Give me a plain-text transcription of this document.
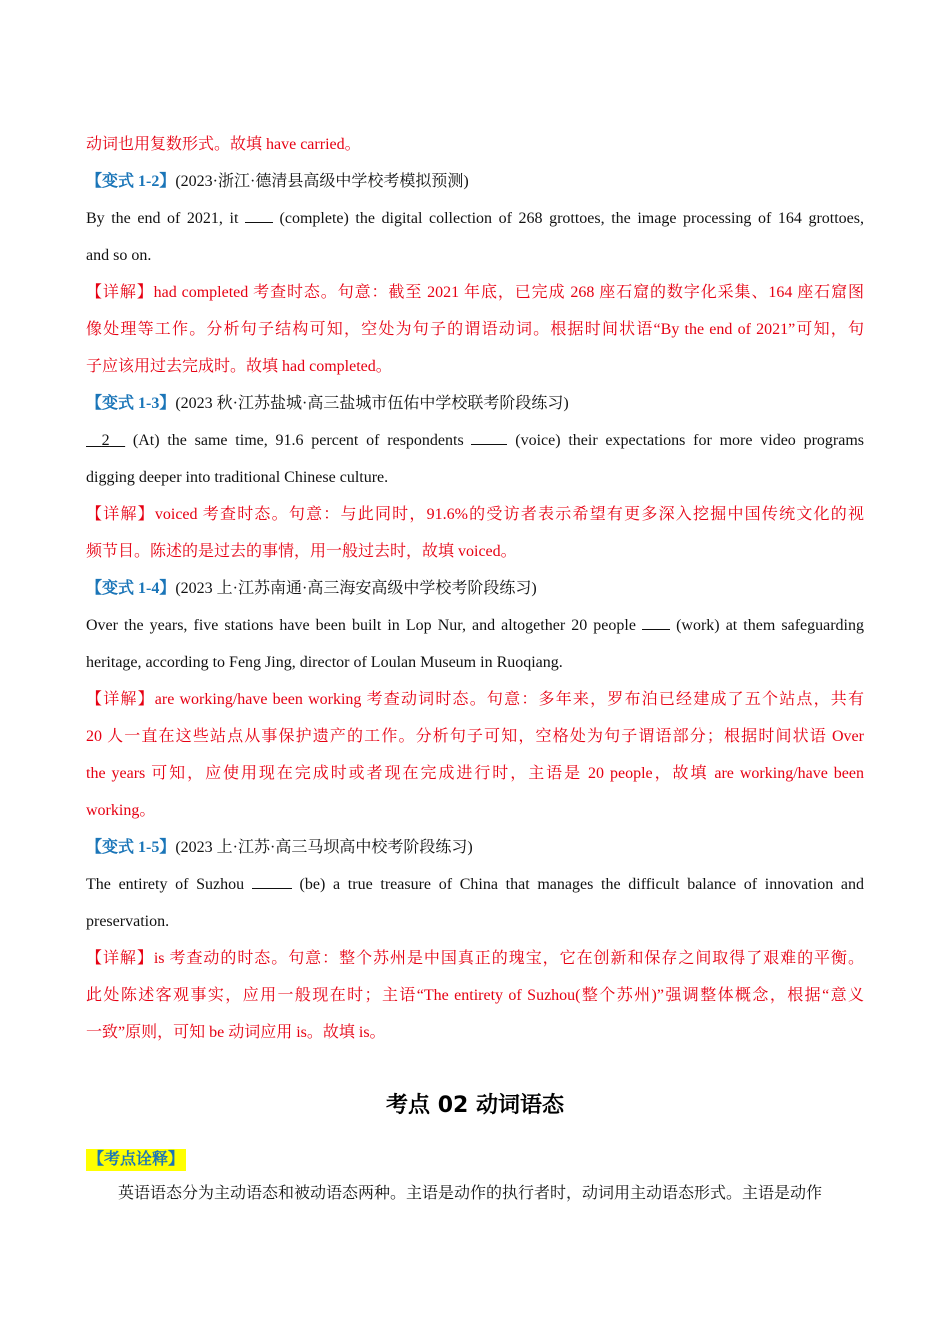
动词也用复数形式。故填 have carried。
【变式 1-2】(2023·浙江·德清县高级中学校考模拟预测)
By the end of 2021, it  (complete) the digital collection of 268 grottoes, the image processing of 164 grottoes,
and so on.
【详解】had completed 考查时态。句意：截至 2021 年底，已完成 268 座石窟的数字化采集、164 座石窟图
像处理等工作。分析句子结构可知，空处为句子的谓语动词。根据时间状语“By the end of 2021”可知，句
子应该用过去完成时。故填 had completed。
【变式 1-3】(2023 秋·江苏盐城·高三盐城市伍佑中学校联考阶段练习)
2   (At) the same time, 91.6 percent of respondents  (voice) their expectations for more video programs
digging deeper into traditional Chinese culture.
【详解】voiced 考查时态。句意：与此同时，91.6%的受访者表示希望有更多深入挖掘中国传统文化的视
频节目。陈述的是过去的事情，用一般过去时，故填 voiced。
【变式 1-4】(2023 上·江苏南通·高三海安高级中学校考阶段练习)
Over the years, five stations have been built in Lop Nur, and altogether 20 people  (work) at them safeguarding
heritage, according to Feng Jing, director of Loulan Museum in Ruoqiang.
【详解】are working/have been working 考查动词时态。句意：多年来，罗布泊已经建成了五个站点，共有
20 人一直在这些站点从事保护遗产的工作。分析句子可知，空格处为句子谓语部分；根据时间状语 Over
the years 可知，应使用现在完成时或者现在完成进行时，主语是 20 people，故填 are working/have been
working。
【变式 1-5】(2023 上·江苏·高三马坝高中校考阶段练习)
The entirety of Suzhou	(be) a true treasure of China that manages the difficult balance of innovation and
preservation.
【详解】is 考查动的时态。句意：整个苏州是中国真正的瑰宝，它在创新和保存之间取得了艰难的平衡。
此处陈述客观事实，应用一般现在时；主语“The entirety of Suzhou(整个苏州)”强调整体概念，根据“意义
一致”原则，可知 be 动词应用 is。故填 is。
考点 02 动词语态
【考点诠释】
英语语态分为主动语态和被动语态两种。主语是动作的执行者时，动词用主动语态形式。主语是动作
